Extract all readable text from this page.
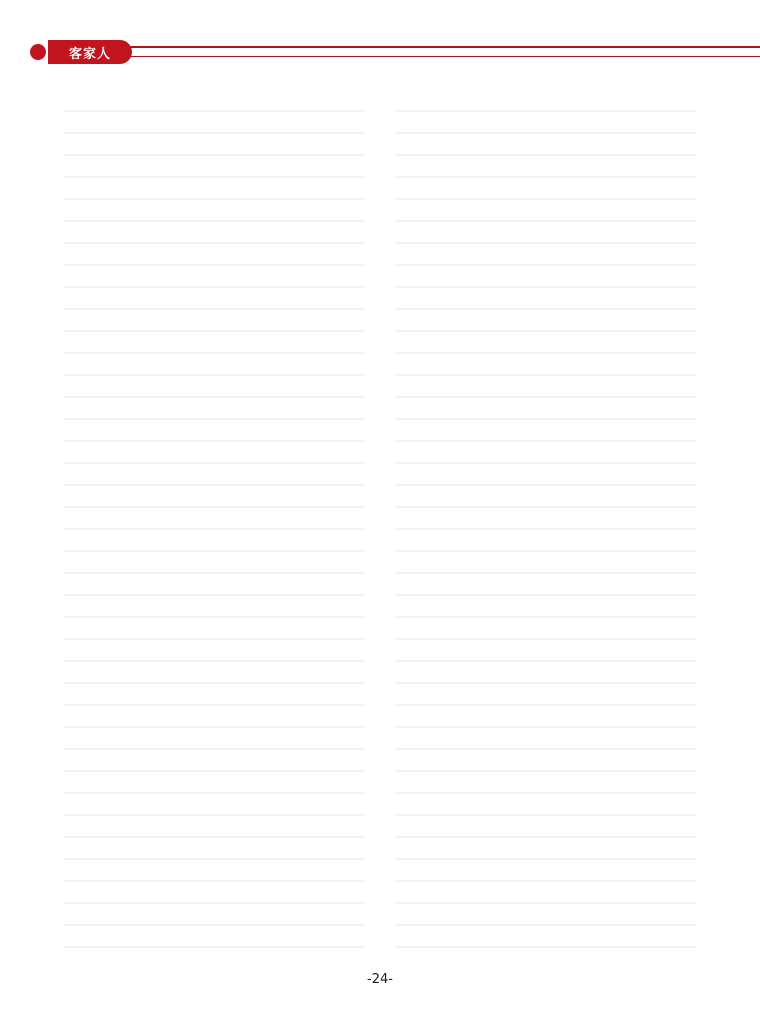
客家人
-24-
